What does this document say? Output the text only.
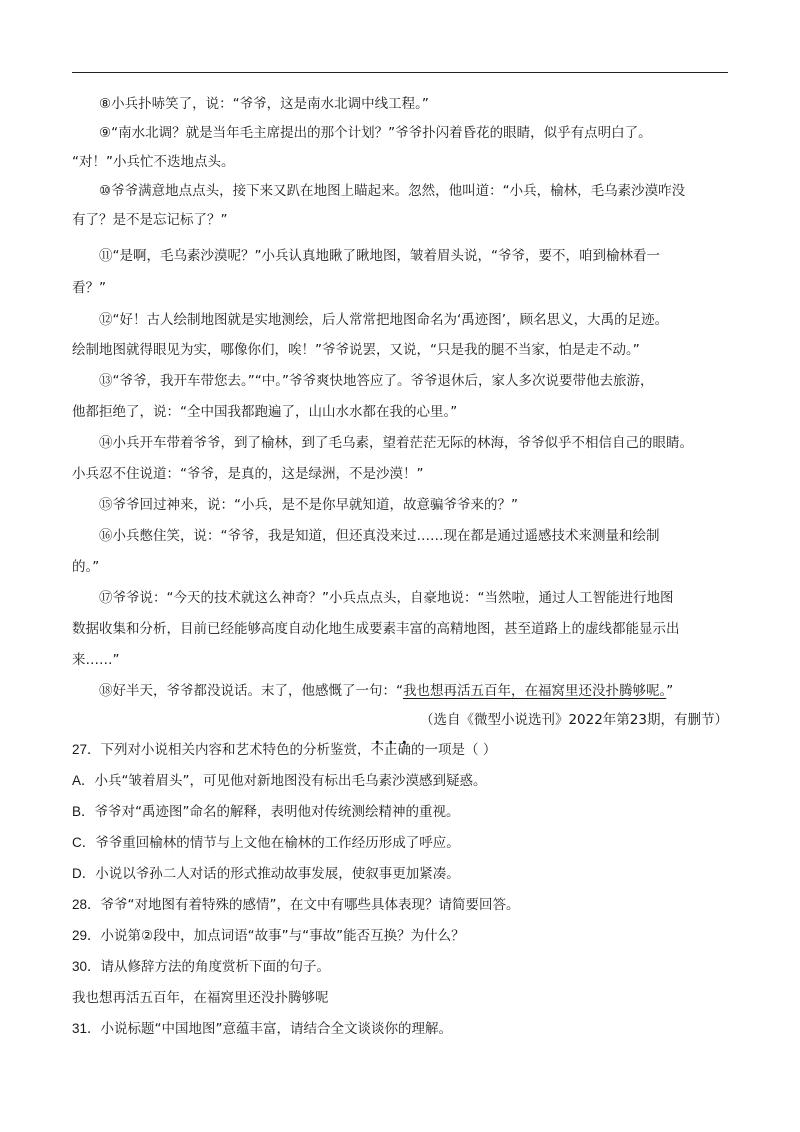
⑧小兵扑哧笑了，说：“爷爷，这是南水北调中线工程。”
⑨“南水北调？就是当年毛主席提出的那个计划？”爷爷扑闪着昏花的眼睛，似乎有点明白了。
“对！”小兵忙不迭地点头。
⑩爷爷满意地点点头，接下来又趴在地图上瞄起来。忽然，他叫道：“小兵，榆林，毛乌素沙漠咋没
有了？是不是忘记标了？”
⑪“是啊，毛乌素沙漠呢？”小兵认真地瞅了瞅地图，皱着眉头说，“爷爷，要不，咱到榆林看一
看？”
⑫“好！古人绘制地图就是实地测绘，后人常常把地图命名为‘禹迹图’，顾名思义，大禹的足迹。
绘制地图就得眼见为实，哪像你们，唉！”爷爷说罢，又说，“只是我的腿不当家，怕是走不动。”
⑬“爷爷，我开车带您去。”“中。”爷爷爽快地答应了。爷爷退休后，家人多次说要带他去旅游，
他都拒绝了，说：“全中国我都跑遍了，山山水水都在我的心里。”
⑭小兵开车带着爷爷，到了榆林，到了毛乌素，望着茫茫无际的林海，爷爷似乎不相信自己的眼睛。
小兵忍不住说道：“爷爷，是真的，这是绿洲，不是沙漠！”
⑮爷爷回过神来，说：“小兵，是不是你早就知道，故意骗爷爷来的？”
⑯小兵憋住笑，说：“爷爷，我是知道，但还真没来过……现在都是通过遥感技术来测量和绘制
的。”
⑰爷爷说：“今天的技术就这么神奇？”小兵点点头，自豪地说：“当然啦，通过人工智能进行地图
数据收集和分析，目前已经能够高度自动化地生成要素丰富的高精地图，甚至道路上的虚线都能显示出
来……”
⑱好半天，爷爷都没说话。末了，他感慨了一句：“我也想再活五百年，在福窝里还没扑腾够呢。”
（选自《微型小说选刊》2022年第23期，有删节）
27．下列对小说相关内容和艺术特色的分析鉴赏，不正确的一项是（ ）
A．小兵“皱着眉头”，可见他对新地图没有标出毛乌素沙漠感到疑惑。
B．爷爷对“禹迹图”命名的解释，表明他对传统测绘精神的重视。
C．爷爷重回榆林的情节与上文他在榆林的工作经历形成了呼应。
D．小说以爷孙二人对话的形式推动故事发展，使叙事更加紧凑。
28．爷爷“对地图有着特殊的感情”，在文中有哪些具体表现？请简要回答。
29．小说第②段中，加点词语“故事”与“事故”能否互换？为什么？
30．请从修辞方法的角度赏析下面的句子。
我也想再活五百年，在福窝里还没扑腾够呢
31．小说标题“中国地图”意蕴丰富，请结合全文谈谈你的理解。
